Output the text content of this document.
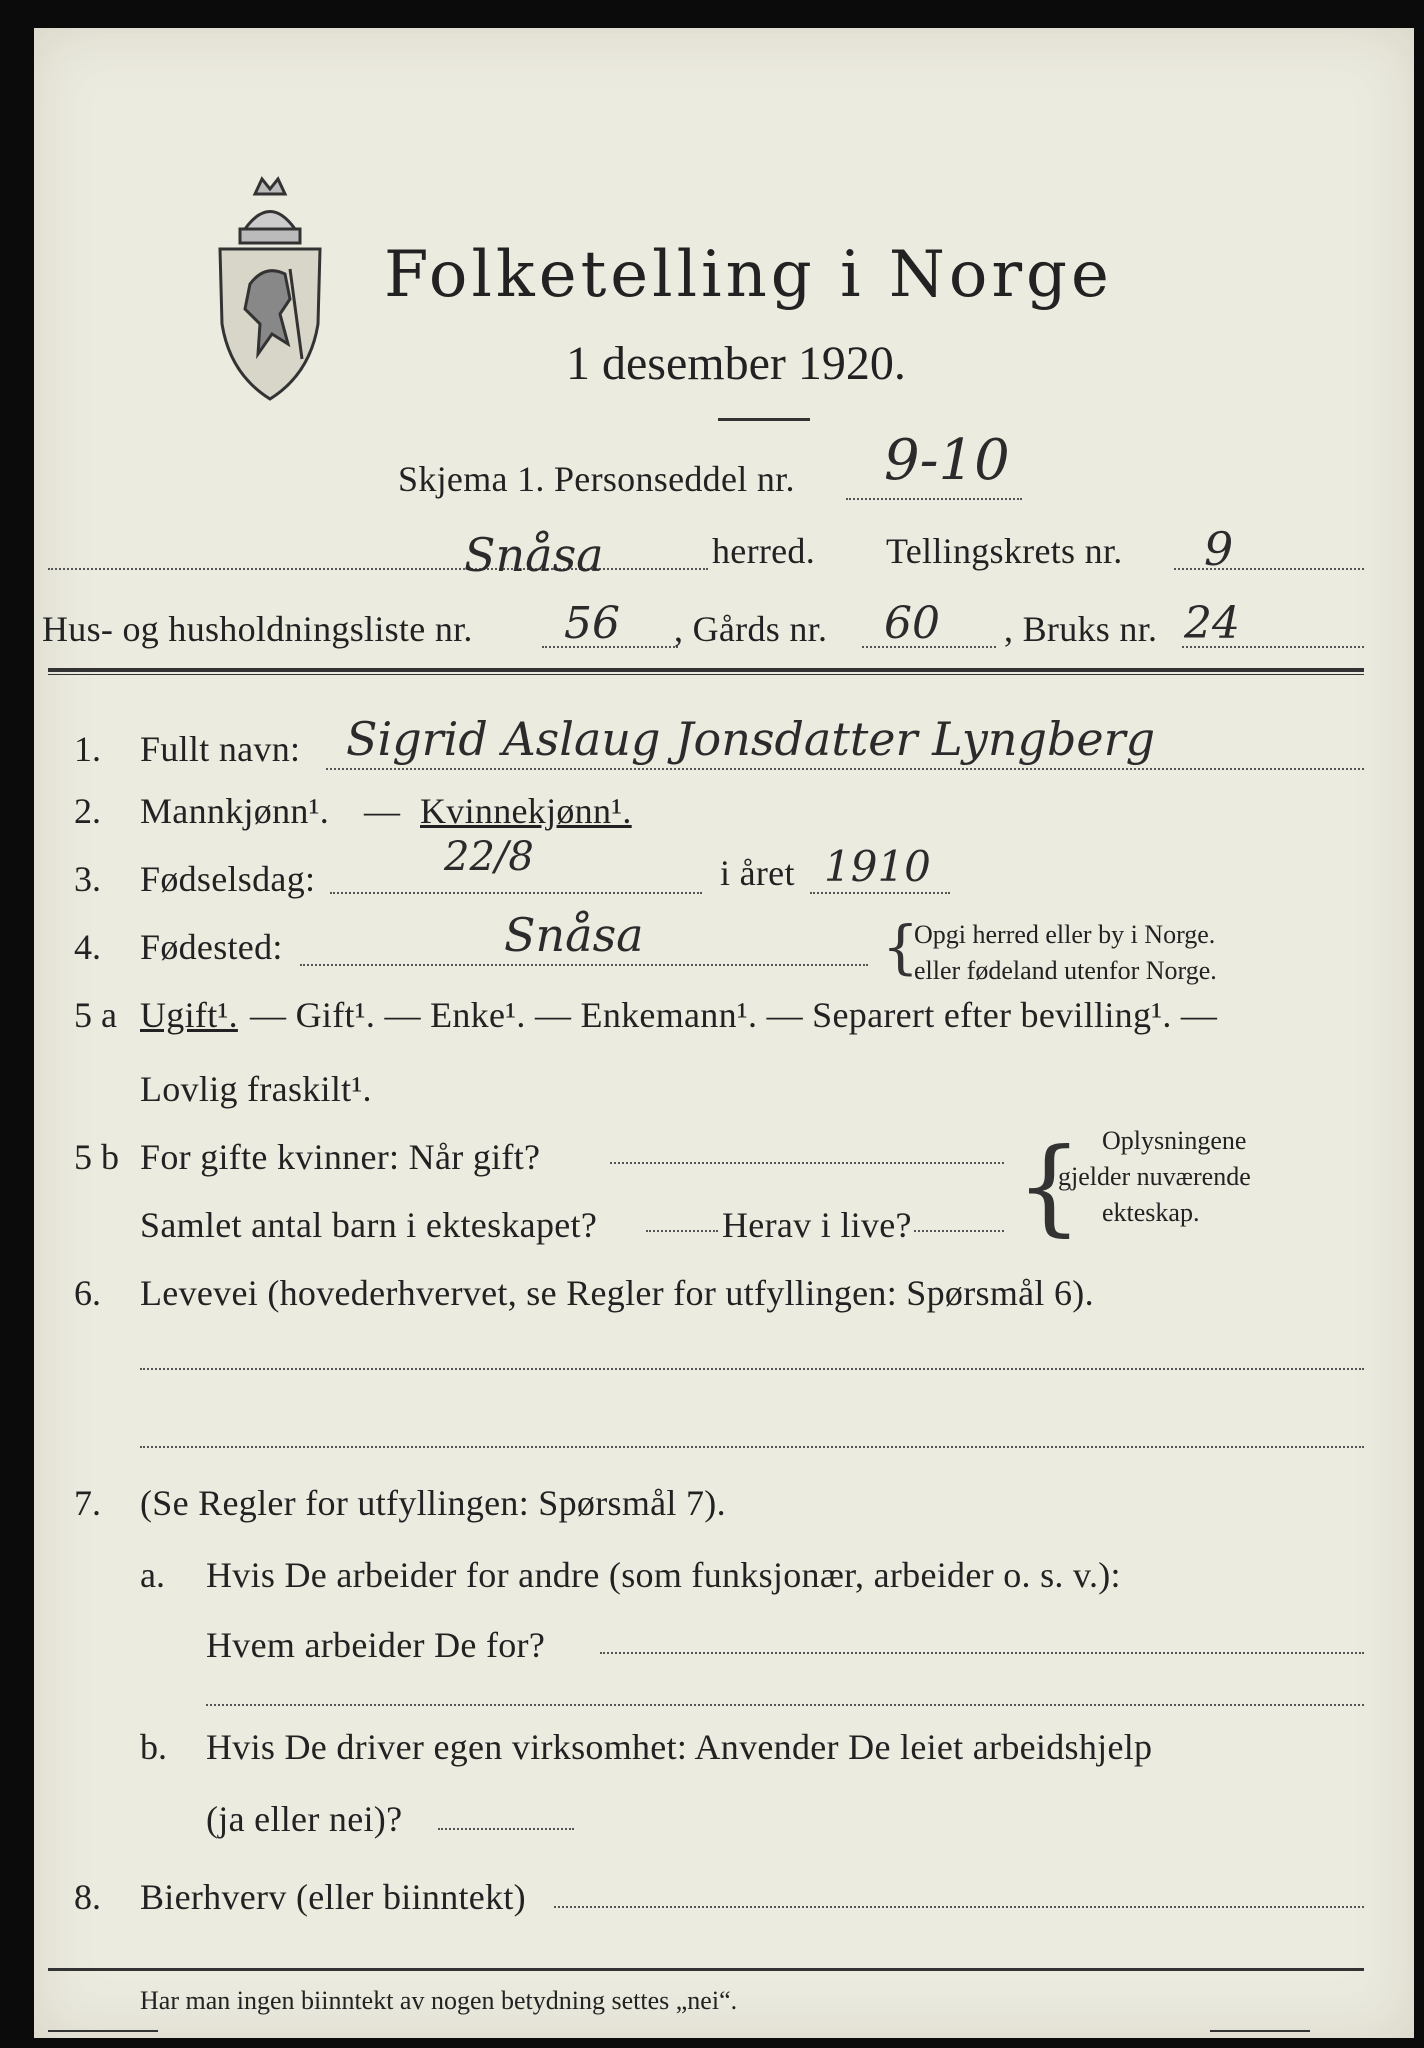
Folketelling i Norge
1 desember 1920.
Skjema 1. Personseddel nr. 9-10
Snåsa	herred. Tellingskrets nr. 9
Hus- og husholdningsliste nr. 56 , Gårds nr. 60 , Bruks nr. 24
1. Fullt navn: Sigrid Aslaug Jonsdatter Lyngberg
2. Mannkjønn¹. — Kvinnekjønn¹.
3. Fødselsdag:	22/8	i året 1910
4. Fødested:	Snåsa	{
Opgi herred eller by i Norge.
eller fødeland utenfor Norge.
5 a Ugift¹. — Gift¹. — Enke¹. — Enkemann¹. — Separert efter bevilling¹. —
Lovlig fraskilt¹.
5 b For gifte kvinner: Når gift?
Samlet antal barn i ekteskapet?	Herav i live? { Oplysningene
gjelder nuværende
ekteskap.
6. Levevei (hovederhvervet, se Regler for utfyllingen: Spørsmål 6).
7. (Se Regler for utfyllingen: Spørsmål 7).
a. Hvis De arbeider for andre (som funksjonær, arbeider o. s. v.):
Hvem arbeider De for?
b. Hvis De driver egen virksomhet: Anvender De leiet arbeidshjelp
(ja eller nei)?
8. Bierhverv (eller biinntekt)
Har man ingen biinntekt av nogen betydning settes „nei“.
